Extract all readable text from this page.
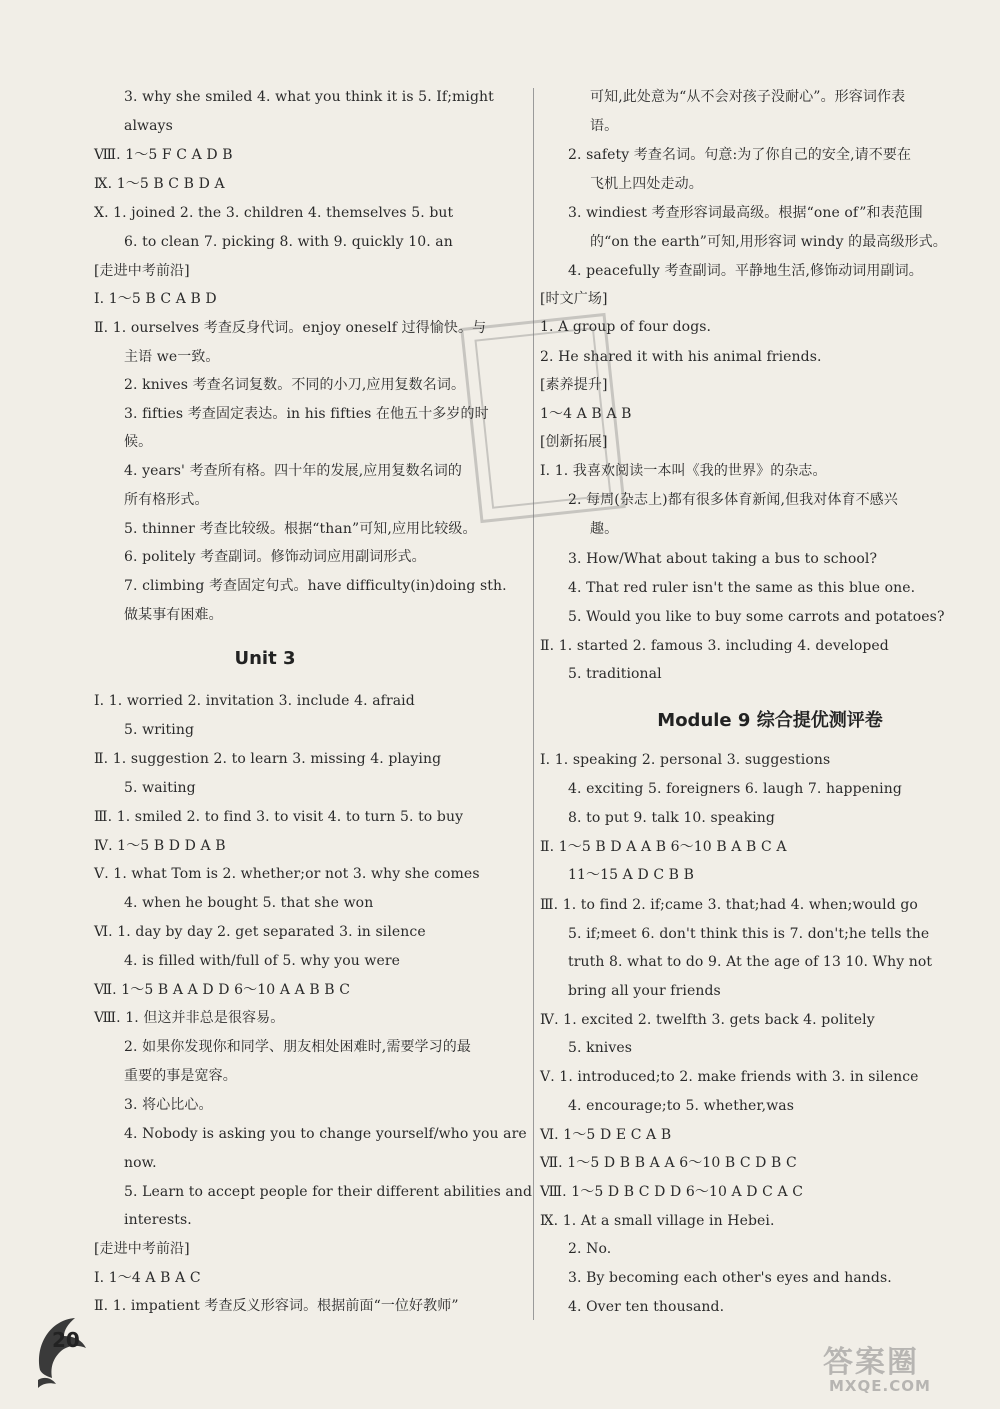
Unit 3
Module 9 综合提优测评卷
20
答案圈
MXQE.COM
3. why she smiled 4. what you think it is 5. If;might
always
Ⅷ. 1～5 F C A D B
Ⅸ. 1～5 B C B D A
Ⅹ. 1. joined 2. the 3. children 4. themselves 5. but
6. to clean 7. picking 8. with 9. quickly 10. an
[走进中考前沿]
Ⅰ. 1～5 B C A B D
Ⅱ. 1. ourselves 考查反身代词。enjoy oneself 过得愉快。与
主语 we一致。
2. knives 考查名词复数。不同的小刀,应用复数名词。
3. fifties 考查固定表达。in his fifties 在他五十多岁的时
候。
4. years' 考查所有格。四十年的发展,应用复数名词的
所有格形式。
5. thinner 考查比较级。根据“than”可知,应用比较级。
6. politely 考查副词。修饰动词应用副词形式。
7. climbing 考查固定句式。have difficulty(in)doing sth.
做某事有困难。
Ⅰ. 1. worried 2. invitation 3. include 4. afraid
5. writing
Ⅱ. 1. suggestion 2. to learn 3. missing 4. playing
5. waiting
Ⅲ. 1. smiled 2. to find 3. to visit 4. to turn 5. to buy
Ⅳ. 1～5 B D D A B
Ⅴ. 1. what Tom is 2. whether;or not 3. why she comes
4. when he bought 5. that she won
Ⅵ. 1. day by day 2. get separated 3. in silence
4. is filled with/full of 5. why you were
Ⅶ. 1～5 B A A D D 6～10 A A B B C
Ⅷ. 1. 但这并非总是很容易。
2. 如果你发现你和同学、朋友相处困难时,需要学习的最
重要的事是宽容。
3. 将心比心。
4. Nobody is asking you to change yourself/who you are
now.
5. Learn to accept people for their different abilities and
interests.
[走进中考前沿]
Ⅰ. 1～4 A B A C
Ⅱ. 1. impatient 考查反义形容词。根据前面“一位好教师”
可知,此处意为“从不会对孩子没耐心”。形容词作表
语。
2. safety 考查名词。句意:为了你自己的安全,请不要在
飞机上四处走动。
3. windiest 考查形容词最高级。根据“one of”和表范围
的“on the earth”可知,用形容词 windy 的最高级形式。
4. peacefully 考查副词。平静地生活,修饰动词用副词。
[时文广场]
1. A group of four dogs.
2. He shared it with his animal friends.
[素养提升]
1～4 A B A B
[创新拓展]
Ⅰ. 1. 我喜欢阅读一本叫《我的世界》的杂志。
2. 每周(杂志上)都有很多体育新闻,但我对体育不感兴
趣。
3. How/What about taking a bus to school?
4. That red ruler isn't the same as this blue one.
5. Would you like to buy some carrots and potatoes?
Ⅱ. 1. started 2. famous 3. including 4. developed
5. traditional
Ⅰ. 1. speaking 2. personal 3. suggestions
4. exciting 5. foreigners 6. laugh 7. happening
8. to put 9. talk 10. speaking
Ⅱ. 1～5 B D A A B 6～10 B A B C A
11～15 A D C B B
Ⅲ. 1. to find 2. if;came 3. that;had 4. when;would go
5. if;meet 6. don't think this is 7. don't;he tells the
truth 8. what to do 9. At the age of 13 10. Why not
bring all your friends
Ⅳ. 1. excited 2. twelfth 3. gets back 4. politely
5. knives
Ⅴ. 1. introduced;to 2. make friends with 3. in silence
4. encourage;to 5. whether,was
Ⅵ. 1～5 D E C A B
Ⅶ. 1～5 D B B A A 6～10 B C D B C
Ⅷ. 1～5 D B C D D 6～10 A D C A C
Ⅸ. 1. At a small village in Hebei.
2. No.
3. By becoming each other's eyes and hands.
4. Over ten thousand.
